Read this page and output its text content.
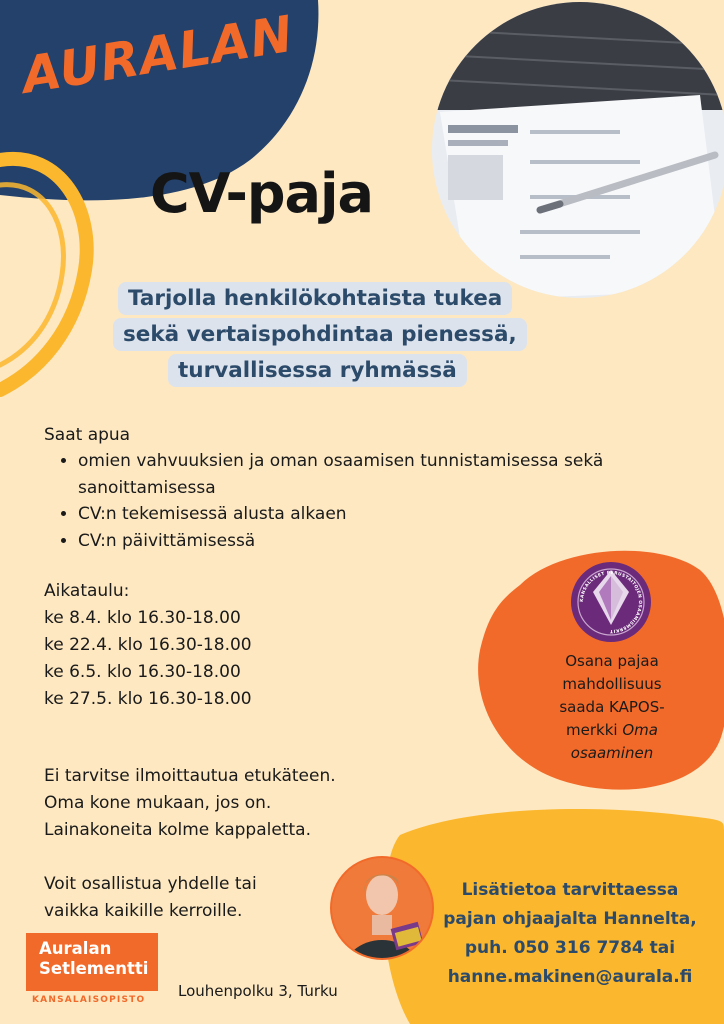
KANSALLISET PERUSTAITOJEN OSAAMISMERKIT
AURALAN
CV-paja
Tarjolla henkilökohtaista tukea
sekä vertaispohdintaa pienessä,
turvallisessa ryhmässä
Saat apua
• omien vahvuuksien ja oman osaamisen tunnistamisessa sekä sanoittamisessa
• CV:n tekemisessä alusta alkaen
• CV:n päivittämisessä
Aikataulu:
ke 8.4. klo 16.30-18.00
ke 22.4. klo 16.30-18.00
ke 6.5. klo 16.30-18.00
ke 27.5. klo 16.30-18.00
Ei tarvitse ilmoittautua etukäteen.
Oma kone mukaan, jos on.
Lainakoneita kolme kappaletta.
Voit osallistua yhdelle tai
vaikka kaikille kerroille.
Osana pajaa
mahdollisuus
saada KAPOS-
merkki Oma
osaaminen
Lisätietoa tarvittaessa
pajan ohjaajalta Hannelta,
puh. 050 316 7784 tai
hanne.makinen@aurala.fi
Auralan
Setlementti
KANSALAISOPISTO Louhenpolku 3, Turku
